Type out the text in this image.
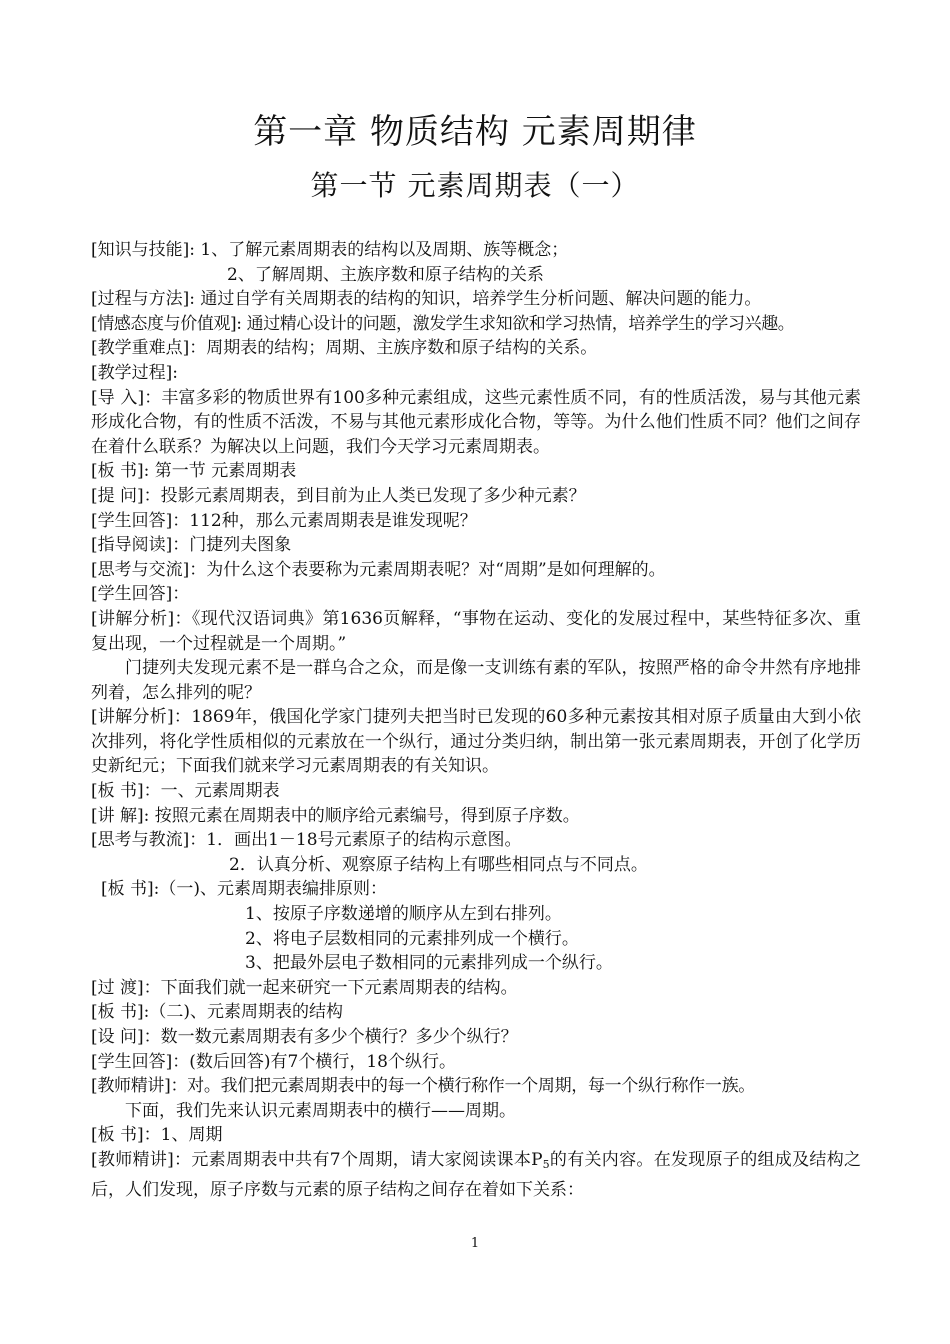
第一章 物质结构 元素周期律
第一节 元素周期表（一）
[知识与技能]: 1、了解元素周期表的结构以及周期、族等概念；
2、了解周期、主族序数和原子结构的关系
[过程与方法]: 通过自学有关周期表的结构的知识，培养学生分析问题、解决问题的能力。
[情感态度与价值观]: 通过精心设计的问题，激发学生求知欲和学习热情，培养学生的学习兴趣。
[教学重难点]：周期表的结构；周期、主族序数和原子结构的关系。
[教学过程]:
[导 入]：丰富多彩的物质世界有100多种元素组成，这些元素性质不同，有的性质活泼，易与其他元素形成化合物，有的性质不活泼，不易与其他元素形成化合物，等等。为什么他们性质不同？他们之间存在着什么联系？为解决以上问题，我们今天学习元素周期表。
[板 书]: 第一节 元素周期表
[提 问]：投影元素周期表，到目前为止人类已发现了多少种元素？
[学生回答]：112种，那么元素周期表是谁发现呢？
[指导阅读]：门捷列夫图象
[思考与交流]：为什么这个表要称为元素周期表呢？对“周期”是如何理解的。
[学生回答]：
[讲解分析]：《现代汉语词典》第1636页解释，“事物在运动、变化的发展过程中，某些特征多次、重复出现，一个过程就是一个周期。”
门捷列夫发现元素不是一群乌合之众，而是像一支训练有素的军队，按照严格的命令井然有序地排列着，怎么排列的呢？
[讲解分析]：1869年，俄国化学家门捷列夫把当时已发现的60多种元素按其相对原子质量由大到小依次排列，将化学性质相似的元素放在一个纵行，通过分类归纳，制出第一张元素周期表，开创了化学历史新纪元；下面我们就来学习元素周期表的有关知识。
[板 书]：一、元素周期表
[讲 解]: 按照元素在周期表中的顺序给元素编号，得到原子序数。
[思考与教流]：1．画出1－18号元素原子的结构示意图。
2．认真分析、观察原子结构上有哪些相同点与不同点。
[板 书]:（一)、元素周期表编排原则：
1、按原子序数递增的顺序从左到右排列。
2、将电子层数相同的元素排列成一个横行。
3、把最外层电子数相同的元素排列成一个纵行。
[过 渡]：下面我们就一起来研究一下元素周期表的结构。
[板 书]:（二)、元素周期表的结构
[设 问]：数一数元素周期表有多少个横行？多少个纵行？
[学生回答]：(数后回答)有7个横行，18个纵行。
[教师精讲]：对。我们把元素周期表中的每一个横行称作一个周期，每一个纵行称作一族。
下面，我们先来认识元素周期表中的横行——周期。
[板 书]：1、周期
[教师精讲]：元素周期表中共有7个周期，请大家阅读课本$P_5$的有关内容。在发现原子的组成及结构之后，人们发现，原子序数与元素的原子结构之间存在着如下关系：
1
